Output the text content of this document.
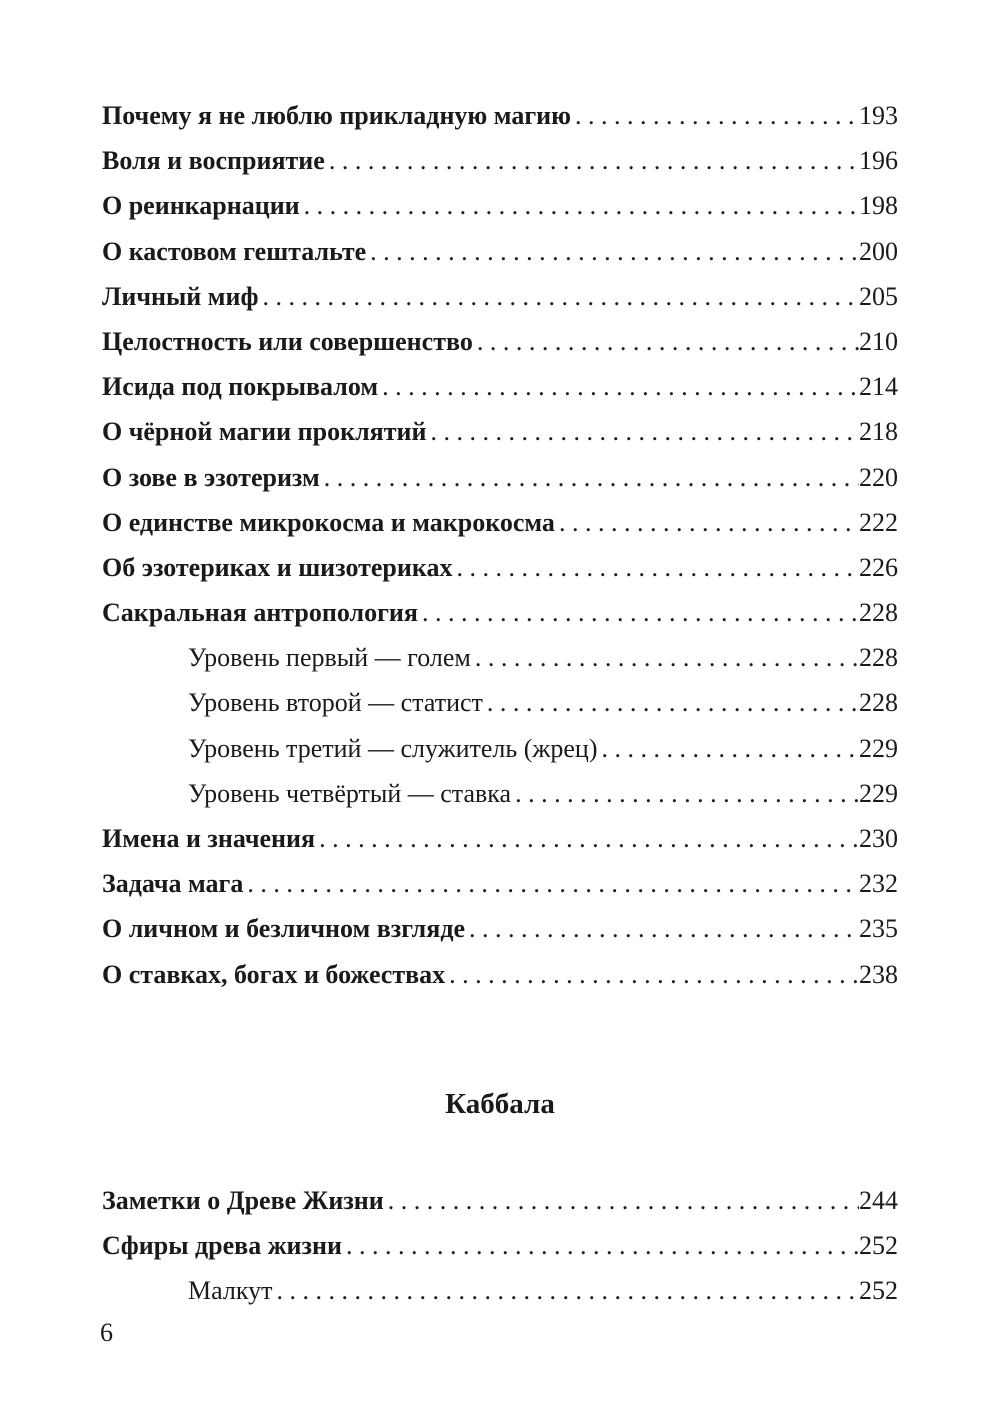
Почему я не люблю прикладную магию . . .	193
Воля и восприятие . . .	196
О реинкарнации . . .	198
О кастовом гештальте . . .	200
Личный миф . . .	205
Целостность или совершенство . . .	210
Исида под покрывалом . . .	214
О чёрной магии проклятий . . .	218
О зове в эзотеризм . . .	220
О единстве микрокосма и макрокосма . . .	222
Об эзотериках и шизотериках . . .	226
Сакральная антропология . . .	228
Уровень первый — голем . . .	228
Уровень второй — статист . . .	228
Уровень третий — служитель (жрец) . . .	229
Уровень четвёртый — ставка . . .	229
Имена и значения . . .	230
Задача мага . . .	232
О личном и безличном взгляде . . .	235
О ставках, богах и божествах . . .	238
Каббала
Заметки о Древе Жизни . . .	244
Сфиры древа жизни . . .	252
Малкут . . .	252
6
